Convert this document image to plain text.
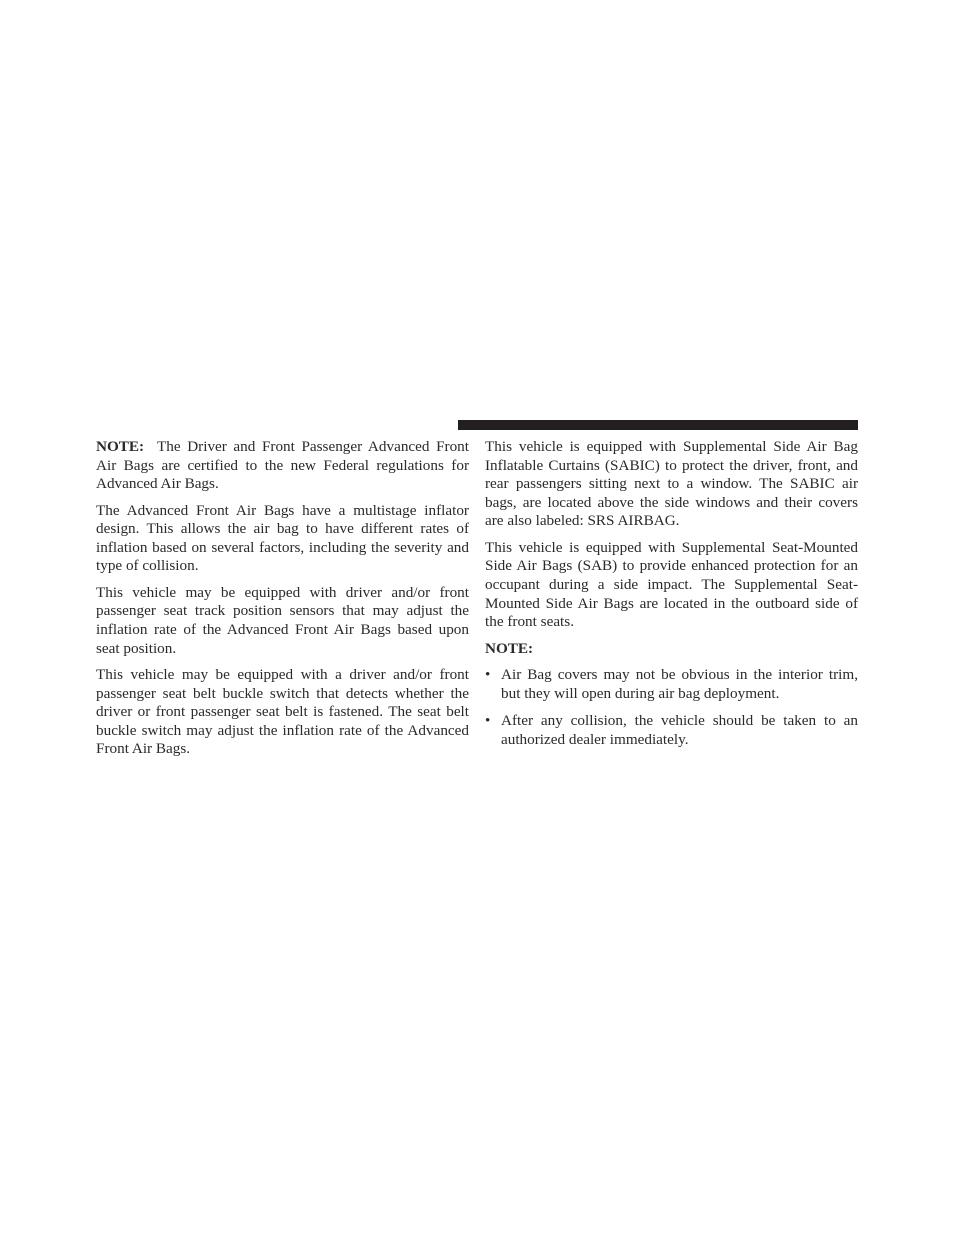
NOTE: The Driver and Front Passenger Advanced Front Air Bags are certified to the new Federal regulations for Advanced Air Bags.

The Advanced Front Air Bags have a multistage inflator design. This allows the air bag to have different rates of inflation based on several factors, including the severity and type of collision.

This vehicle may be equipped with driver and/or front passenger seat track position sensors that may adjust the inflation rate of the Advanced Front Air Bags based upon seat position.

This vehicle may be equipped with a driver and/or front passenger seat belt buckle switch that detects whether the driver or front passenger seat belt is fastened. The seat belt buckle switch may adjust the inflation rate of the Advanced Front Air Bags.

This vehicle is equipped with Supplemental Side Air Bag Inflatable Curtains (SABIC) to protect the driver, front, and rear passengers sitting next to a window. The SABIC air bags, are located above the side windows and their covers are also labeled: SRS AIRBAG.

This vehicle is equipped with Supplemental Seat-Mounted Side Air Bags (SAB) to provide enhanced protection for an occupant during a side impact. The Supplemental Seat-Mounted Side Air Bags are located in the outboard side of the front seats.

NOTE:

• Air Bag covers may not be obvious in the interior trim, but they will open during air bag deployment.
• After any collision, the vehicle should be taken to an authorized dealer immediately.
